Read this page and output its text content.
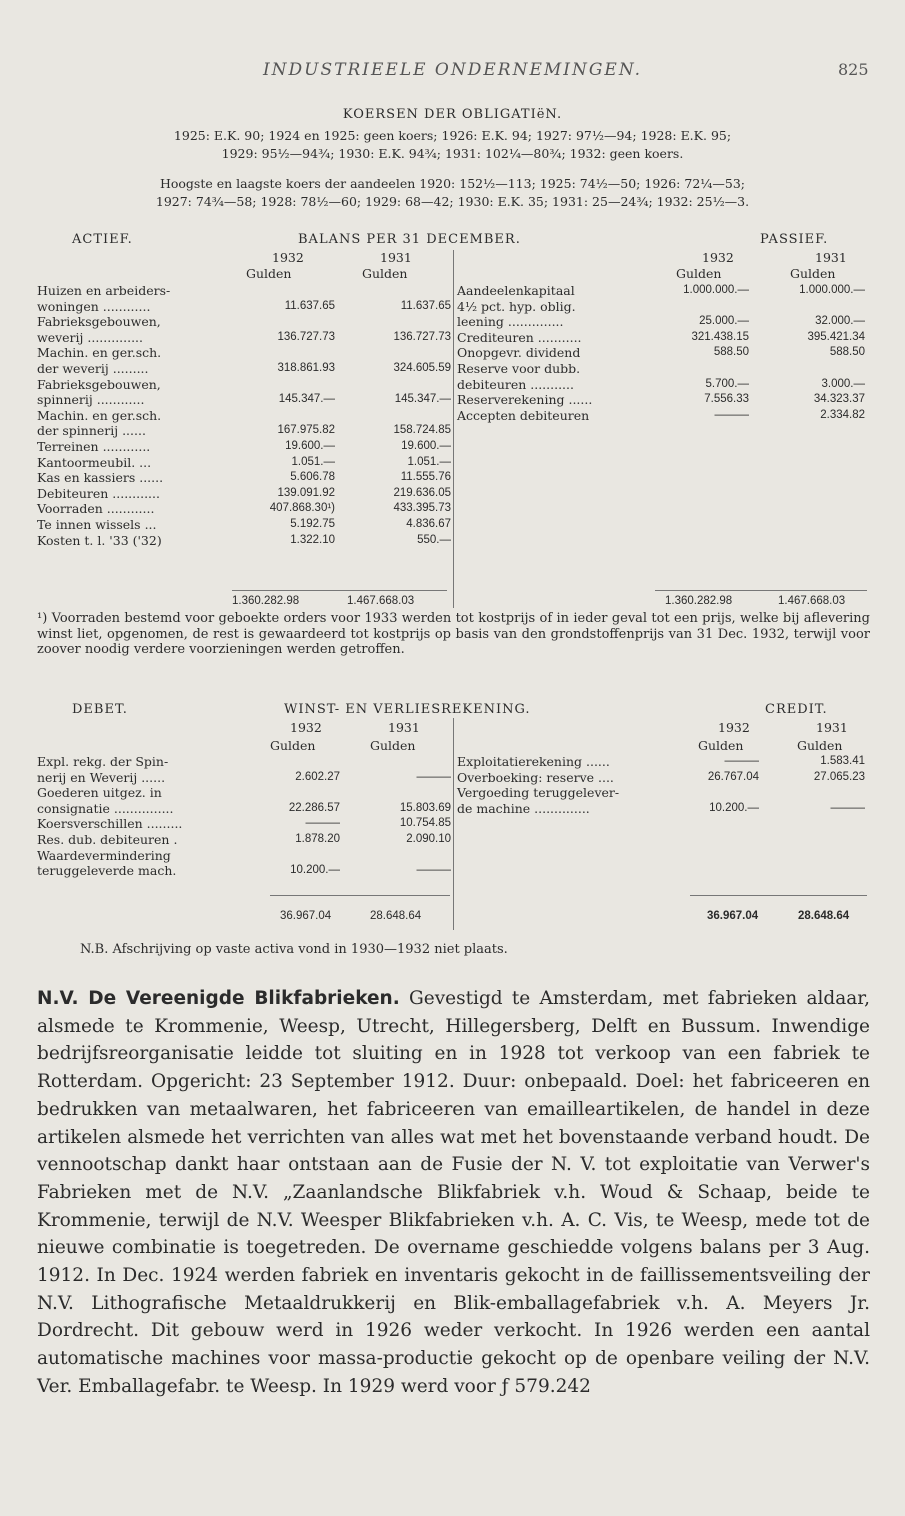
INDUSTRIEELE ONDERNEMINGEN.	825
KOERSEN DER OBLIGATIëN.
1925: E.K. 90; 1924 en 1925: geen koers; 1926: E.K. 94; 1927: 97½—94; 1928: E.K. 95;
1929: 95½—94¾; 1930: E.K. 94¾; 1931: 102¼—80¾; 1932: geen koers.
Hoogste en laagste koers der aandeelen 1920: 152½—113; 1925: 74½—50; 1926: 72¼—53;
1927: 74¾—58; 1928: 78½—60; 1929: 68—42; 1930: E.K. 35; 1931: 25—24¾; 1932: 25½—3.
ACTIEF.	BALANS PER 31 DECEMBER.	PASSIEF.
1932	1931
Gulden	Gulden
1932	1931
Gulden	Gulden
Huizen en arbeiders-		
woningen ............	11.637.65	11.637.65
Fabrieksgebouwen,		
weverij ..............	136.727.73	136.727.73
Machin. en ger.sch.		
der weverij .........	318.861.93	324.605.59
Fabrieksgebouwen,		
spinnerij ............	145.347.—	145.347.—
Machin. en ger.sch.		
der spinnerij ......	167.975.82	158.724.85
Terreinen ............	19.600.—	19.600.—
Kantoormeubil. ...	1.051.—	1.051.—
Kas en kassiers ......	5.606.78	11.555.76
Debiteuren ............	139.091.92	219.636.05
Voorraden ............	407.868.30¹)	433.395.73
Te innen wissels ...	5.192.75	4.836.67
Kosten t. l. '33 ('32)	1.322.10	550.—

Aandeelenkapitaal	1.000.000.—	1.000.000.—
4½ pct. hyp. oblig.		
leening ..............	25.000.—	32.000.—
Crediteuren ...........	321.438.15	395.421.34
Onopgevr. dividend	588.50	588.50
Reserve voor dubb.		
debiteuren ...........	5.700.—	3.000.—
Reserverekening ......	7.556.33	34.323.37
Accepten debiteuren	———	2.334.82
1.360.282.98	1.467.668.03	1.360.282.98	1.467.668.03
¹) Voorraden bestemd voor geboekte orders voor 1933 werden tot kostprijs of in ieder geval tot een prijs, welke bij aflevering winst liet, opgenomen, de rest is gewaardeerd tot kostprijs op basis van den grondstoffenprijs van 31 Dec. 1932, terwijl voor zoover noodig verdere voorzieningen werden getroffen.
DEBET.	WINST- EN VERLIESREKENING.	CREDIT.
1932	1931
Gulden	Gulden
1932	1931
Gulden	Gulden
Expl. rekg. der Spin-		
nerij en Weverij ......	2.602.27	———
Goederen uitgez. in		
consignatie ...............	22.286.57	15.803.69
Koersverschillen .........	———	10.754.85
Res. dub. debiteuren .	1.878.20	2.090.10
Waardevermindering		
teruggeleverde mach.	10.200.—	———
Exploitatierekening ......	———	1.583.41
Overboeking: reserve ....	26.767.04	27.065.23
Vergoeding teruggelever-		
de machine ..............	10.200.—	———
36.967.04	28.648.64	36.967.04	28.648.64
N.B. Afschrijving op vaste activa vond in 1930—1932 niet plaats.
N.V. De Vereenigde Blikfabrieken. Gevestigd te Amsterdam, met fabrieken aldaar, alsmede te Krommenie, Weesp, Utrecht, Hillegersberg, Delft en Bussum. Inwendige bedrijfsreorganisatie leidde tot sluiting en in 1928 tot verkoop van een fabriek te Rotterdam. Opgericht: 23 September 1912. Duur: onbepaald. Doel: het fabriceeren en bedrukken van metaalwaren, het fabriceeren van emailleartikelen, de handel in deze artikelen alsmede het verrichten van alles wat met het bovenstaande verband houdt. De vennootschap dankt haar ontstaan aan de Fusie der N. V. tot exploitatie van Verwer's Fabrieken met de N.V. „Zaanlandsche Blikfabriek v.h. Woud & Schaap, beide te Krommenie, terwijl de N.V. Weesper Blikfabrieken v.h. A. C. Vis, te Weesp, mede tot de nieuwe combinatie is toegetreden. De overname geschiedde volgens balans per 3 Aug. 1912. In Dec. 1924 werden fabriek en inventaris gekocht in de faillissementsveiling der N.V. Lithografische Metaaldrukkerij en Blik-emballagefabriek v.h. A. Meyers Jr. Dordrecht. Dit gebouw werd in 1926 weder verkocht. In 1926 werden een aantal automatische machines voor massa-productie gekocht op de openbare veiling der N.V. Ver. Emballagefabr. te Weesp. In 1929 werd voor ƒ 579.242
